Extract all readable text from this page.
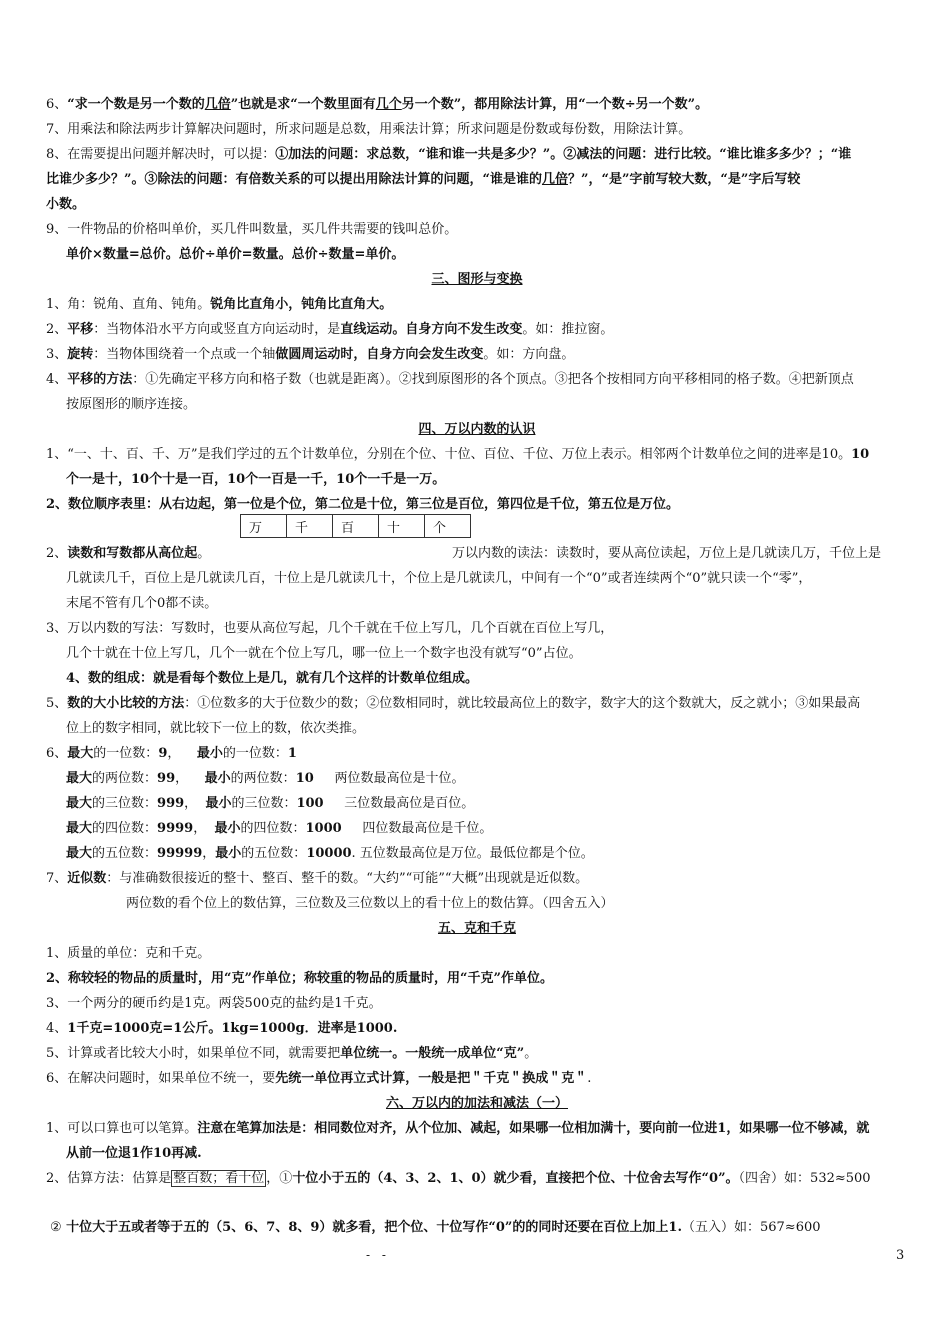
6、“求一个数是另一个数的几倍”也就是求“一个数里面有几个另一个数”，都用除法计算，用“一个数÷另一个数”。
7、用乘法和除法两步计算解决问题时，所求问题是总数，用乘法计算；所求问题是份数或每份数，用除法计算。
8、在需要提出问题并解决时，可以提：①加法的问题：求总数，“谁和谁一共是多少？”。②减法的问题：进行比较。“谁比谁多多少？；“谁
比谁少多少？”。③除法的问题：有倍数关系的可以提出用除法计算的问题，“谁是谁的几倍？”，“是”字前写较大数，“是”字后写较
小数。
9、一件物品的价格叫单价，买几件叫数量，买几件共需要的钱叫总价。
单价×数量=总价。总价÷单价=数量。总价÷数量=单价。
三、图形与变换
1、角：锐角、直角、钝角。锐角比直角小，钝角比直角大。
2、平移：当物体沿水平方向或竖直方向运动时，是直线运动。自身方向不发生改变。如：推拉窗。
3、旋转：当物体围绕着一个点或一个轴做圆周运动时，自身方向会发生改变。如：方向盘。
4、平移的方法：①先确定平移方向和格子数（也就是距离）。②找到原图形的各个顶点。③把各个按相同方向平移相同的格子数。④把新顶点
按原图形的顺序连接。
四、万以内数的认识
1、“一、十、百、千、万”是我们学过的五个计数单位，分别在个位、十位、百位、千位、万位上表示。相邻两个计数单位之间的进率是10。10
个一是十，10个十是一百，10个一百是一千，10个一千是一万。
2、数位顺序表里：从右边起，第一位是个位，第二位是十位，第三位是百位，第四位是千位，第五位是万位。
万	千	百	十	个
2、读数和写数都从高位起。	万以内数的读法：读数时，要从高位读起，万位上是几就读几万，千位上是
几就读几千，百位上是几就读几百，十位上是几就读几十，个位上是几就读几，中间有一个“0”或者连续两个“0”就只读一个“零”，
末尾不管有几个0都不读。
3、万以内数的写法：写数时，也要从高位写起，几个千就在千位上写几，几个百就在百位上写几，
几个十就在十位上写几，几个一就在个位上写几，哪一位上一个数字也没有就写“0”占位。
4、数的组成：就是看每个数位上是几，就有几个这样的计数单位组成。
5、数的大小比较的方法：①位数多的大于位数少的数；②位数相同时，就比较最高位上的数字，数字大的这个数就大，反之就小；③如果最高
位上的数字相同，就比较下一位上的数，依次类推。
6、最大的一位数：9，    最小的一位数：1
最大的两位数：99，    最小的两位数：10     两位数最高位是十位。
最大的三位数：999，  最小的三位数：100     三位数最高位是百位。
最大的四位数：9999，  最小的四位数：1000     四位数最高位是千位。
最大的五位数：99999，最小的五位数：10000. 五位数最高位是万位。最低位都是个位。
7、近似数：与准确数很接近的整十、整百、整千的数。“大约”“可能”“大概”出现就是近似数。
两位数的看个位上的数估算，三位数及三位数以上的看十位上的数估算。（四舍五入）
五、克和千克
1、质量的单位：克和千克。
2、称较轻的物品的质量时，用“克”作单位；称较重的物品的质量时，用“千克”作单位。
3、一个两分的硬币约是1克。两袋500克的盐约是1千克。
4、1千克=1000克=1公斤。1kg=1000g．进率是1000.
5、计算或者比较大小时，如果单位不同，就需要把单位统一。一般统一成单位“克”。
6、在解决问题时，如果单位不统一，要先统一单位再立式计算，一般是把＂千克＂换成＂克＂.
六、万以内的加法和减法（一）
1、可以口算也可以笔算。注意在笔算加法是：相同数位对齐，从个位加、减起，如果哪一位相加满十，要向前一位进1，如果哪一位不够减，就
从前一位退1作10再减.
2、估算方法：估算是 整百数；看十位 ，①十位小于五的（4、3、2、1、0）就少看，直接把个位、十位舍去写作“0”。（四舍）如：532≈500
② 十位大于五或者等于五的（5、6、7、8、9）就多看，把个位、十位写作“0”的的同时还要在百位上加上1.（五入）如：567≈600
- -	3
